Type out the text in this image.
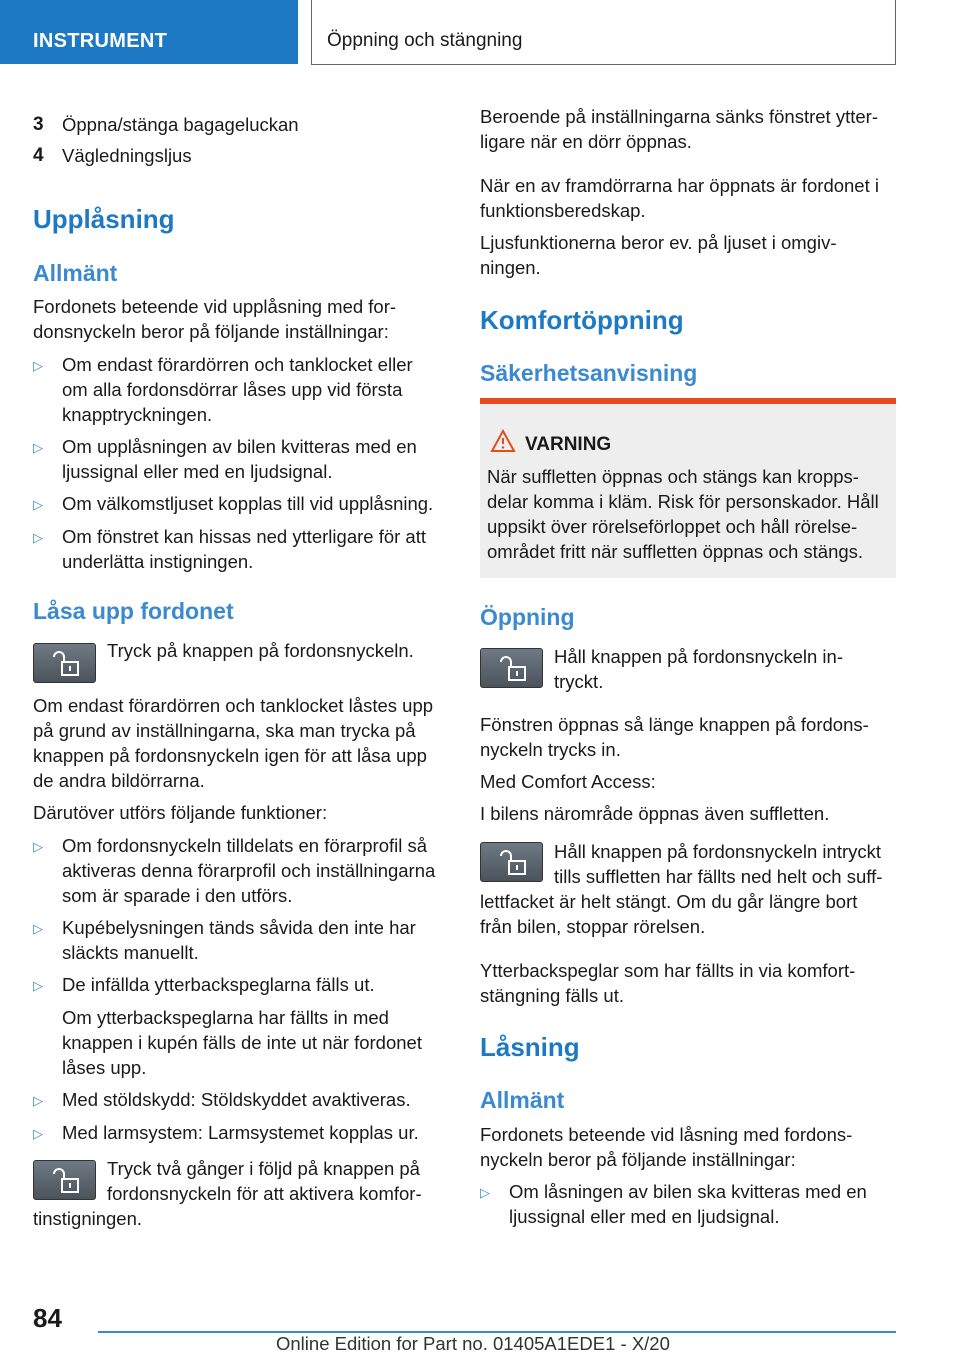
INSTRUMENT	Öppning och stängning
3 Öppna/stänga bagageluckan
4 Vägledningsljus
Upplåsning
Allmänt
Fordonets beteende vid upplåsning med for-
donsnyckeln beror på följande inställningar:
▷ Om endast förardörren och tanklocket eller
om alla fordonsdörrar låses upp vid första
knapptryckningen.
▷ Om upplåsningen av bilen kvitteras med en
ljussignal eller med en ljudsignal.
▷ Om välkomstljuset kopplas till vid upplåsning.
▷ Om fönstret kan hissas ned ytterligare för att
underlätta instigningen.
Låsa upp fordonet
Tryck på knappen på fordonsnyckeln.
Om endast förardörren och tanklocket låstes upp
på grund av inställningarna, ska man trycka på
knappen på fordonsnyckeln igen för att låsa upp
de andra bildörrarna.
Därutöver utförs följande funktioner:
▷ Om fordonsnyckeln tilldelats en förarprofil så
aktiveras denna förarprofil och inställningarna
som är sparade i den utförs.
▷ Kupébelysningen tänds såvida den inte har
släckts manuellt.
▷ De infällda ytterbackspeglarna fälls ut.
Om ytterbackspeglarna har fällts in med
knappen i kupén fälls de inte ut när fordonet
låses upp.
▷ Med stöldskydd: Stöldskyddet avaktiveras.
▷ Med larmsystem: Larmsystemet kopplas ur.
Tryck två gånger i följd på knappen på
fordonsnyckeln för att aktivera komfor-
tinstigningen.
Beroende på inställningarna sänks fönstret ytter-
ligare när en dörr öppnas.
När en av framdörrarna har öppnats är fordonet i
funktionsberedskap.
Ljusfunktionerna beror ev. på ljuset i omgiv-
ningen.
Komfortöppning
Säkerhetsanvisning
VARNING
När suffletten öppnas och stängs kan kropps-
delar komma i kläm. Risk för personskador. Håll
uppsikt över rörelseförloppet och håll rörelse-
området fritt när suffletten öppnas och stängs.
Öppning
Håll knappen på fordonsnyckeln in-
tryckt.
Fönstren öppnas så länge knappen på fordons-
nyckeln trycks in.
Med Comfort Access:
I bilens närområde öppnas även suffletten.
Håll knappen på fordonsnyckeln intryckt
tills suffletten har fällts ned helt och suff-
lettfacket är helt stängt. Om du går längre bort
från bilen, stoppar rörelsen.
Ytterbackspeglar som har fällts in via komfort-
stängning fälls ut.
Låsning
Allmänt
Fordonets beteende vid låsning med fordons-
nyckeln beror på följande inställningar:
▷ Om låsningen av bilen ska kvitteras med en
ljussignal eller med en ljudsignal.
84
Online Edition for Part no. 01405A1EDE1 - X/20
